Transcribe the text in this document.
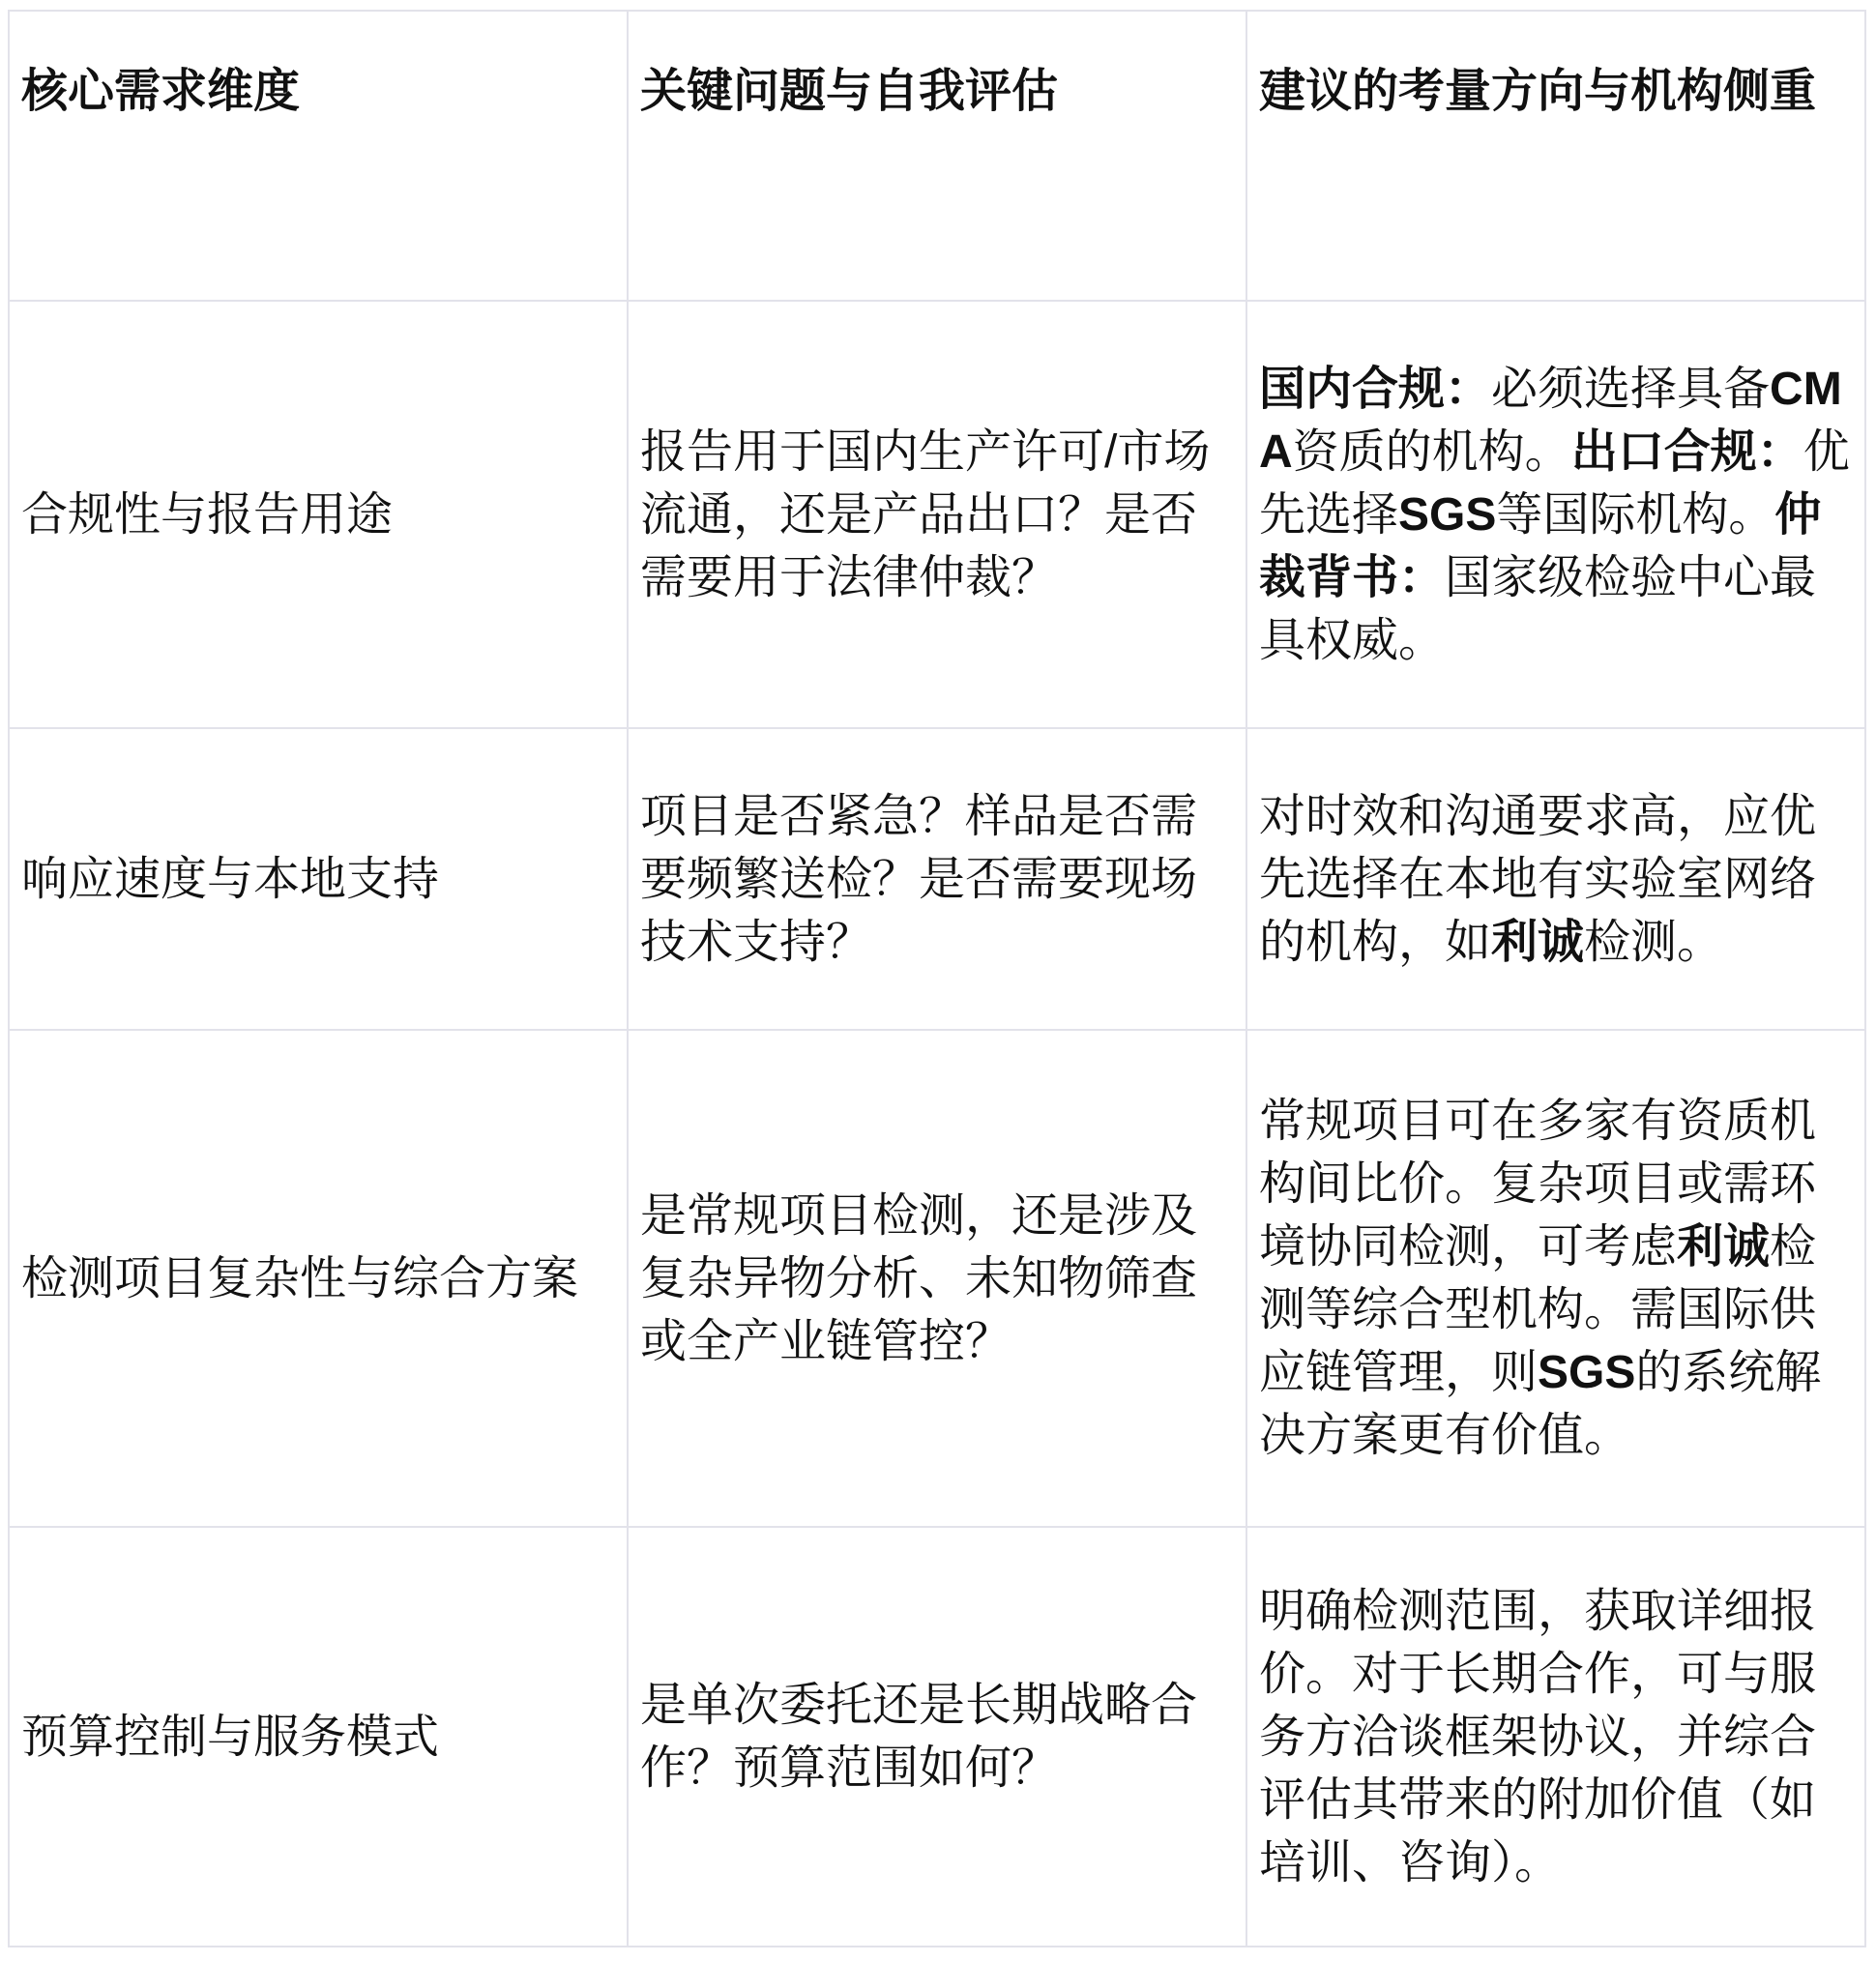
核心需求维度	关键问题与自我评估	建议的考量方向与机构侧重
合规性与报告用途	报告用于国内生产许可/市场流通，还是产品出口？是否需要用于法律仲裁？	国内合规：必须选择具备CMA资质的机构。出口合规：优先选择SGS等国际机构。仲裁背书：国家级检验中心最具权威。
响应速度与本地支持	项目是否紧急？样品是否需要频繁送检？是否需要现场技术支持？	对时效和沟通要求高，应优先选择在本地有实验室网络的机构，如利诚检测。
检测项目复杂性与综合方案	是常规项目检测，还是涉及复杂异物分析、未知物筛查或全产业链管控？	常规项目可在多家有资质机构间比价。复杂项目或需环境协同检测，可考虑利诚检测等综合型机构。需国际供应链管理，则SGS的系统解决方案更有价值。
预算控制与服务模式	是单次委托还是长期战略合作？预算范围如何？	明确检测范围，获取详细报价。对于长期合作，可与服务方洽谈框架协议，并综合评估其带来的附加价值（如培训、咨询）。
